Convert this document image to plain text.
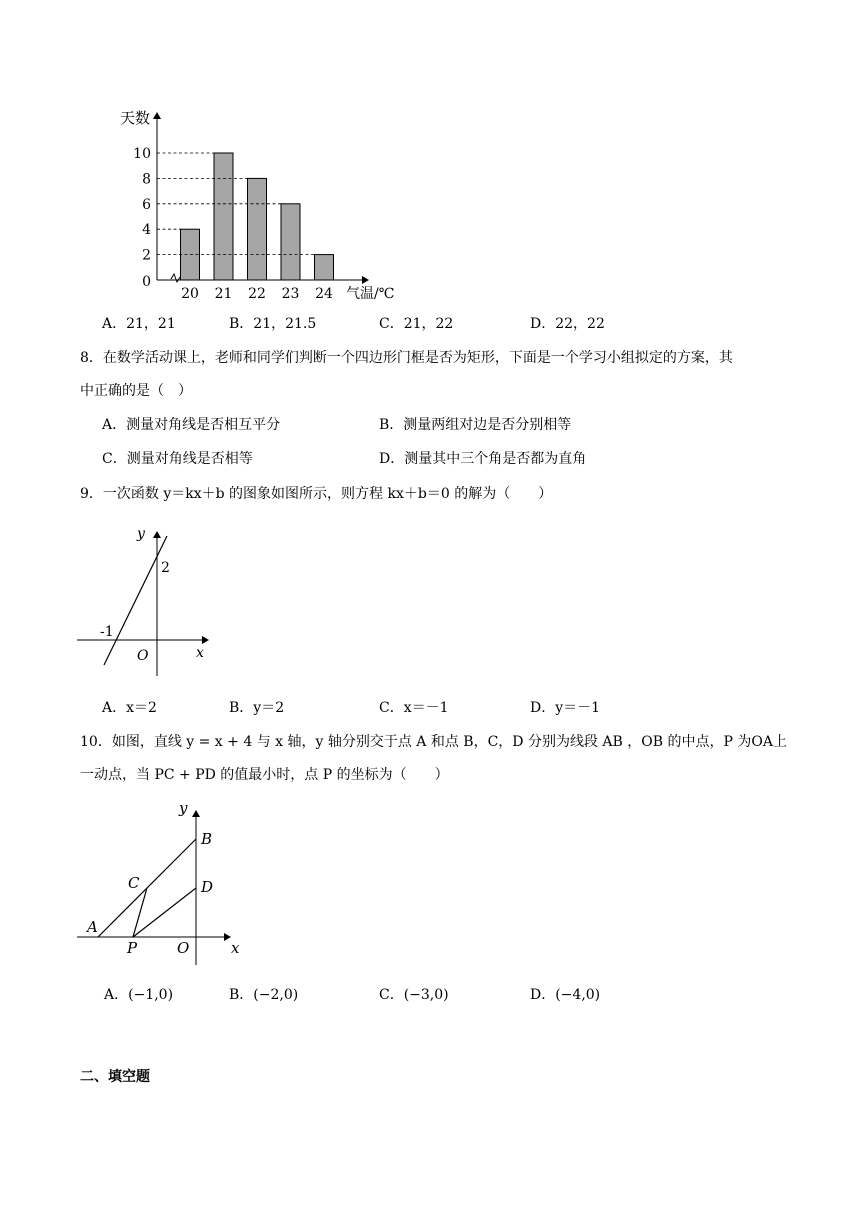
0
2
4
6
8
10
20 21 22 23 24
天数
气温/℃
A．21，21	B．21，21.5	C．21，22	D．22，22
8．在数学活动课上，老师和同学们判断一个四边形门框是否为矩形，下面是一个学习小组拟定的方案，其
中正确的是（　）
A．测量对角线是否相互平分	B．测量两组对边是否分别相等
C．测量对角线是否相等	D．测量其中三个角是否都为直角
9．一次函数 y＝kx＋b 的图象如图所示，则方程 kx＋b＝0 的解为（　　）
y
x
O
2
-1
A．x＝2	B．y＝2	C．x＝－1	D．y＝－1
10．如图，直线 y = x + 4 与 x 轴，y 轴分别交于点 A 和点 B，C，D 分别为线段 AB ，OB 的中点，P 为OA上
一动点，当 PC + PD 的值最小时，点 P 的坐标为（　　）
y
x
B
D
C
A
P	O
A．(−1,0)	B．(−2,0)	C．(−3,0)	D．(−4,0)
二、填空题
